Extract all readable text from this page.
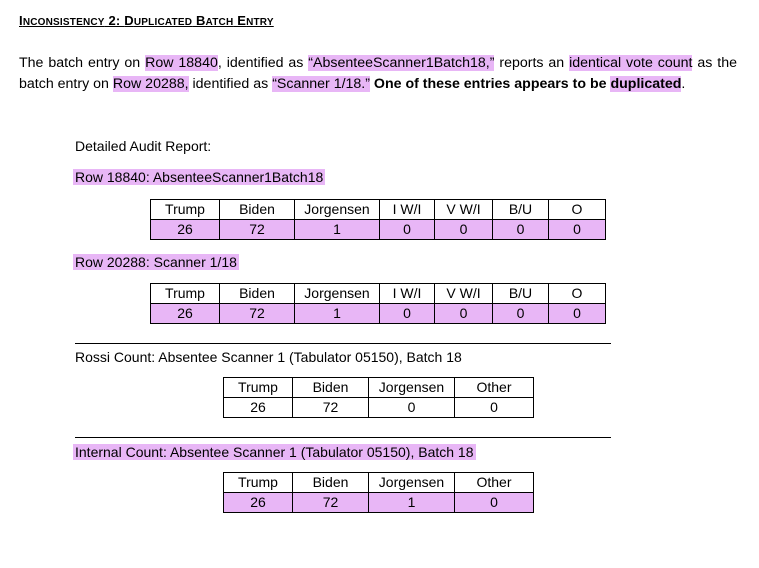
INCONSISTENCY 2: DUPLICATED BATCH ENTRY
The batch entry on Row 18840, identified as “AbsenteeScanner1Batch18,” reports an identical vote count as the batch entry on Row 20288, identified as “Scanner 1/18.” One of these entries appears to be duplicated.
Detailed Audit Report:
Row 18840: AbsenteeScanner1Batch18
Trump	Biden	Jorgensen	I W/I	V W/I	B/U	O
26	72	1	0	0	0	0
Row 20288: Scanner 1/18
Trump	Biden	Jorgensen	I W/I	V W/I	B/U	O
26	72	1	0	0	0	0
Rossi Count: Absentee Scanner 1 (Tabulator 05150), Batch 18
Trump	Biden	Jorgensen	Other
26	72	0	0
Internal Count: Absentee Scanner 1 (Tabulator 05150), Batch 18
Trump	Biden	Jorgensen	Other
26	72	1	0
